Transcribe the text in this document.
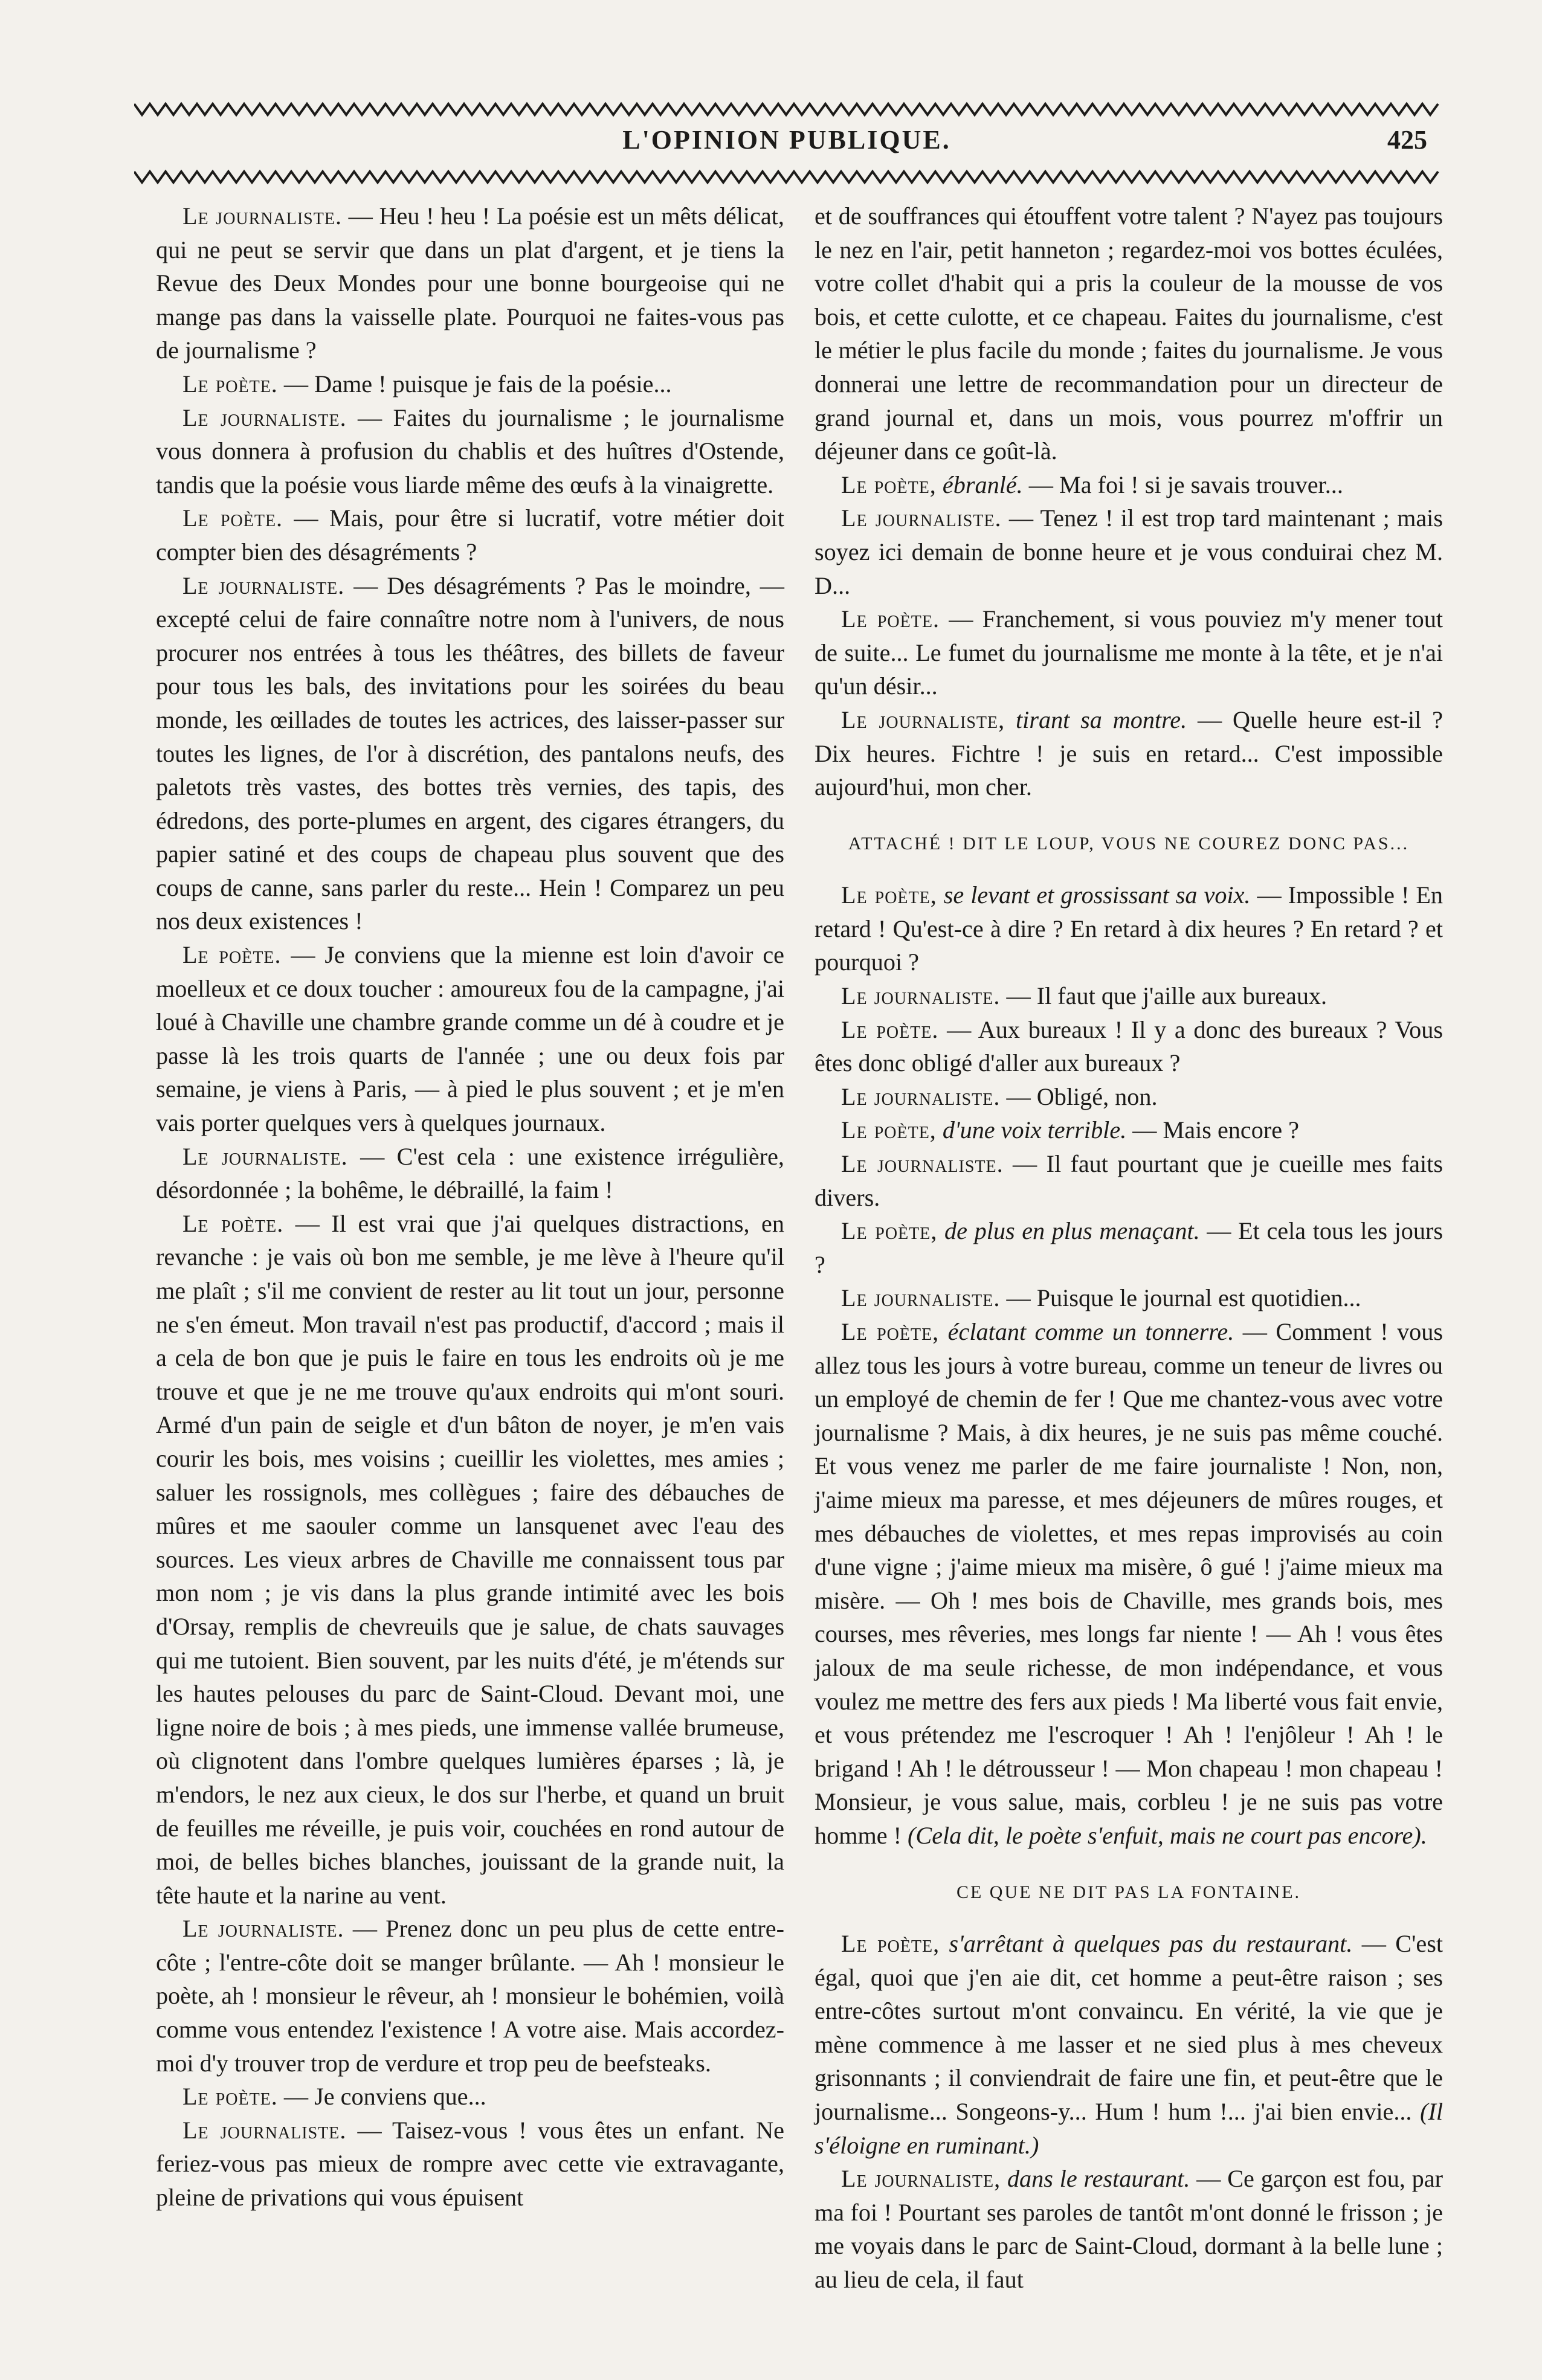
L'OPINION PUBLIQUE.	425

Le journaliste. — Heu ! heu ! La poésie est un mêts délicat, qui ne peut se servir que dans un plat d'argent, et je tiens la Revue des Deux Mondes pour une bonne bourgeoise qui ne mange pas dans la vaisselle plate. Pourquoi ne faites-vous pas de journalisme ?

Le poète. — Dame ! puisque je fais de la poésie...

Le journaliste. — Faites du journalisme ; le journalisme vous donnera à profusion du chablis et des huîtres d'Ostende, tandis que la poésie vous liarde même des œufs à la vinaigrette.

Le poète. — Mais, pour être si lucratif, votre métier doit compter bien des désagréments ?

Le journaliste. — Des désagréments ? Pas le moindre, — excepté celui de faire connaître notre nom à l'univers, de nous procurer nos entrées à tous les théâtres, des billets de faveur pour tous les bals, des invitations pour les soirées du beau monde, les œillades de toutes les actrices, des laisser-passer sur toutes les lignes, de l'or à discrétion, des pantalons neufs, des paletots très vastes, des bottes très vernies, des tapis, des édredons, des porte-plumes en argent, des cigares étrangers, du papier satiné et des coups de chapeau plus souvent que des coups de canne, sans parler du reste... Hein ! Comparez un peu nos deux existences !

Le poète. — Je conviens que la mienne est loin d'avoir ce moelleux et ce doux toucher : amoureux fou de la campagne, j'ai loué à Chaville une chambre grande comme un dé à coudre et je passe là les trois quarts de l'année ; une ou deux fois par semaine, je viens à Paris, — à pied le plus souvent ; et je m'en vais porter quelques vers à quelques journaux.

Le journaliste. — C'est cela : une existence irrégulière, désordonnée ; la bohême, le débraillé, la faim !

Le poète. — Il est vrai que j'ai quelques distractions, en revanche : je vais où bon me semble, je me lève à l'heure qu'il me plaît ; s'il me convient de rester au lit tout un jour, personne ne s'en émeut. Mon travail n'est pas productif, d'accord ; mais il a cela de bon que je puis le faire en tous les endroits où je me trouve et que je ne me trouve qu'aux endroits qui m'ont souri. Armé d'un pain de seigle et d'un bâton de noyer, je m'en vais courir les bois, mes voisins ; cueillir les violettes, mes amies ; saluer les rossignols, mes collègues ; faire des débauches de mûres et me saouler comme un lansquenet avec l'eau des sources. Les vieux arbres de Chaville me connaissent tous par mon nom ; je vis dans la plus grande intimité avec les bois d'Orsay, remplis de chevreuils que je salue, de chats sauvages qui me tutoient. Bien souvent, par les nuits d'été, je m'étends sur les hautes pelouses du parc de Saint-Cloud. Devant moi, une ligne noire de bois ; à mes pieds, une immense vallée brumeuse, où clignotent dans l'ombre quelques lumières éparses ; là, je m'endors, le nez aux cieux, le dos sur l'herbe, et quand un bruit de feuilles me réveille, je puis voir, couchées en rond autour de moi, de belles biches blanches, jouissant de la grande nuit, la tête haute et la narine au vent.

Le journaliste. — Prenez donc un peu plus de cette entre-côte ; l'entre-côte doit se manger brûlante. — Ah ! monsieur le poète, ah ! monsieur le rêveur, ah ! monsieur le bohémien, voilà comme vous entendez l'existence ! A votre aise. Mais accordez-moi d'y trouver trop de verdure et trop peu de beefsteaks.

Le poète. — Je conviens que...

Le journaliste. — Taisez-vous ! vous êtes un enfant. Ne feriez-vous pas mieux de rompre avec cette vie extravagante, pleine de privations qui vous épuisent

et de souffrances qui étouffent votre talent ? N'ayez pas toujours le nez en l'air, petit hanneton ; regardez-moi vos bottes éculées, votre collet d'habit qui a pris la couleur de la mousse de vos bois, et cette culotte, et ce chapeau. Faites du journalisme, c'est le métier le plus facile du monde ; faites du journalisme. Je vous donnerai une lettre de recommandation pour un directeur de grand journal et, dans un mois, vous pourrez m'offrir un déjeuner dans ce goût-là.

Le poète, ébranlé. — Ma foi ! si je savais trouver...

Le journaliste. — Tenez ! il est trop tard maintenant ; mais soyez ici demain de bonne heure et je vous conduirai chez M. D...

Le poète. — Franchement, si vous pouviez m'y mener tout de suite... Le fumet du journalisme me monte à la tête, et je n'ai qu'un désir...

Le journaliste, tirant sa montre. — Quelle heure est-il ? Dix heures. Fichtre ! je suis en retard... C'est impossible aujourd'hui, mon cher.

ATTACHÉ ! DIT LE LOUP, VOUS NE COUREZ DONC PAS...

Le poète, se levant et grossissant sa voix. — Impossible ! En retard ! Qu'est-ce à dire ? En retard à dix heures ? En retard ? et pourquoi ?

Le journaliste. — Il faut que j'aille aux bureaux.

Le poète. — Aux bureaux ! Il y a donc des bureaux ? Vous êtes donc obligé d'aller aux bureaux ?

Le journaliste. — Obligé, non.

Le poète, d'une voix terrible. — Mais encore ?

Le journaliste. — Il faut pourtant que je cueille mes faits divers.

Le poète, de plus en plus menaçant. — Et cela tous les jours ?

Le journaliste. — Puisque le journal est quotidien...

Le poète, éclatant comme un tonnerre. — Comment ! vous allez tous les jours à votre bureau, comme un teneur de livres ou un employé de chemin de fer ! Que me chantez-vous avec votre journalisme ? Mais, à dix heures, je ne suis pas même couché. Et vous venez me parler de me faire journaliste ! Non, non, j'aime mieux ma paresse, et mes déjeuners de mûres rouges, et mes débauches de violettes, et mes repas improvisés au coin d'une vigne ; j'aime mieux ma misère, ô gué ! j'aime mieux ma misère. — Oh ! mes bois de Chaville, mes grands bois, mes courses, mes rêveries, mes longs far niente ! — Ah ! vous êtes jaloux de ma seule richesse, de mon indépendance, et vous voulez me mettre des fers aux pieds ! Ma liberté vous fait envie, et vous prétendez me l'escroquer ! Ah ! l'enjôleur ! Ah ! le brigand ! Ah ! le détrousseur ! — Mon chapeau ! mon chapeau ! Monsieur, je vous salue, mais, corbleu ! je ne suis pas votre homme ! (Cela dit, le poète s'enfuit, mais ne court pas encore).

CE QUE NE DIT PAS LA FONTAINE.

Le poète, s'arrêtant à quelques pas du restaurant. — C'est égal, quoi que j'en aie dit, cet homme a peut-être raison ; ses entre-côtes surtout m'ont convaincu. En vérité, la vie que je mène commence à me lasser et ne sied plus à mes cheveux grisonnants ; il conviendrait de faire une fin, et peut-être que le journalisme... Songeons-y... Hum ! hum !... j'ai bien envie... (Il s'éloigne en ruminant.)

Le journaliste, dans le restaurant. — Ce garçon est fou, par ma foi ! Pourtant ses paroles de tantôt m'ont donné le frisson ; je me voyais dans le parc de Saint-Cloud, dormant à la belle lune ; au lieu de cela, il faut
